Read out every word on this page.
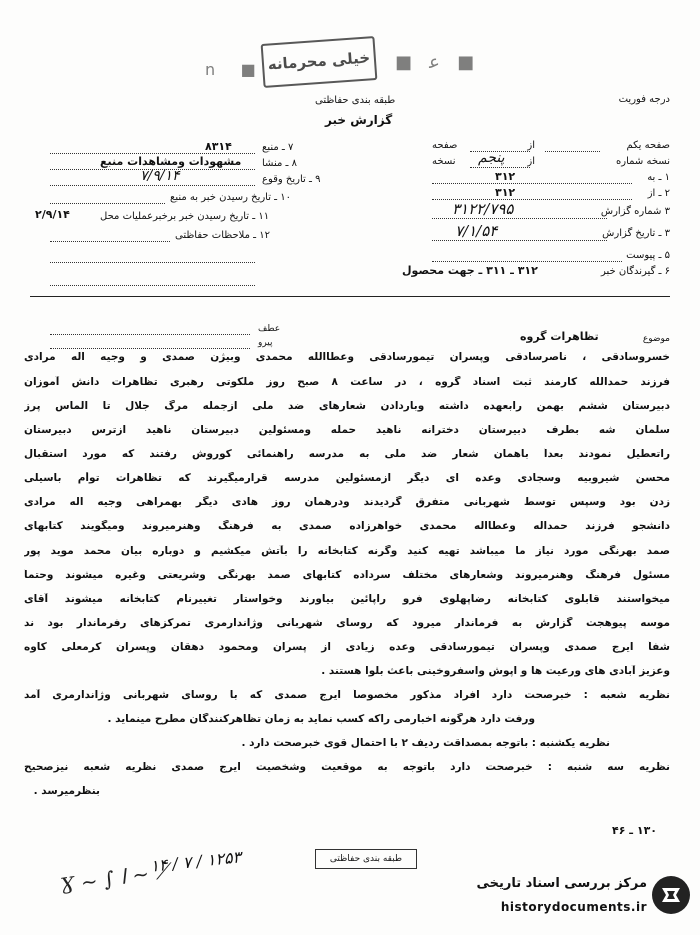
خیلی محرمانه
n     ■	■   ﻋ   ■
درجه فوریت
طبقه بندی حفاظتی
گزارش خبر
صفحه یکم
از
صفحه
نسخه شماره
از
پنجم
نسخه
۱ ـ به
۳۱۲
۲ ـ از
۳۱۲
۳ شماره گزارش
۳۱۲۲/۷۹۵
۳ ـ تاریخ گزارش
۷/۱/۵۴
۵ ـ پیوست
۶ ـ گیرندگان خبر
۳۱۲ ـ ۳۱۱ ـ جهت محصول
۷ ـ منبع
۸۳۱۴
۸ ـ منشا
مشهودات ومشاهدات منبع
۹ ـ تاریخ وقوع
۷/۹/۱۴
۱۰ ـ تاریخ رسیدن خبر به منبع
۱۱ ـ تاریخ رسیدن خبر برخبرعملیات محل
۲/۹/۱۴
۱۲ ـ ملاحظات حفاظتی
موضوع
تظاهرات گروه
عطف
پیرو
خسروسادقی ، ناصرسادقی وپسران تیمورسادقی وعطاالله محمدی وبیژن صمدی و وجیه اله مرادی
فرزند حمدالله کارمند ثبت اسناد گروه ، در ساعت ۸ صبح روز ملکوتی رهبری تظاهرات دانش آموزان
دبیرستان ششم بهمن رابعهده داشته وباردادن شعارهای ضد ملی ازجمله مرگ جلال تا الماس پرز
سلمان شه بطرف دبیرستان دخترانه ناهید حمله ومسئولین دبیرستان ناهید ازترس دبیرستان
راتعطیل نمودند بعداً باهمان شعار ضد ملی به مدرسه راهنمائی کوروش رفتند که مورد استقبال
محسن شیروبیه وسجادی وعده ای دیگر ازمسئولین مدرسه قرارمیگیرند که تظاهرات توأم باسیلی
زدن بود وسپس توسط شهربانی متفرق گردیدند ودرهمان روز هادی دیگر بهمراهی وجیه اله مرادی
دانشجو فرزند حمداله وعطااله محمدی خواهرزاده صمدی به فرهنگ وهنرمیروند ومیگویند کتابهای
صمد بهرنگی مورد نیاز ما میباشد تهیه کنید وگرنه کتابخانه را بآتش میکشیم و دوباره بیان محمد موید پور
مسئول فرهنگ وهنرمیروند وشعارهای مختلف سرداده کتابهای صمد بهرنگی وشریعتی وغیره میشوند وحتماً
میخواستند قابلوی کتابخانه رضاپهلوی فرو راپائین بیاورند وخواستار تغییرنام کتابخانه میشوند آقای
موسه پیوهجت گزارش به فرماندار میرود که روسای شهربانی وژاندارمری تمرکزهای رفرماندار بود ند
شفاً ایرج صمدی وپسران تیمورسادقی وعده زیادی از پسران ومحمود دهقان وپسران کرمعلی کاوه
وعزیز آبادی های ورعیت ها و اپوش واسفروخینی باعث بلوا هستند .
نظریه شعبه : خبرصحت دارد افراد مذکور مخصوصاً ایرج صمدی که با روسای شهربانی وژاندارمری آمد
ورفت دارد هرگونه اخبارمی راکه کسب نماید به زمان تظاهرکنندگان مطرح مینماید .
نظریه یکشنبه : باتوجه بمصداقت ردیف ۲ با احتمال قوی خبرصحت دارد .
نظریه سه شنبه : خبرصحت دارد باتوجه به موقعیت وشخصیت ایرج صمدی نظریه شعبه نیزصحیح
بنظرمیرسد .
۱۳۰ ـ ۴۶
طبقه بندی حفاظتی
۱۴ / ۷ / ۱۲۵۳
Ɣ ~ ∫ ﺍ ~ ⟋	مرکز بررسی اسناد تاریخی
historydocuments.ir
